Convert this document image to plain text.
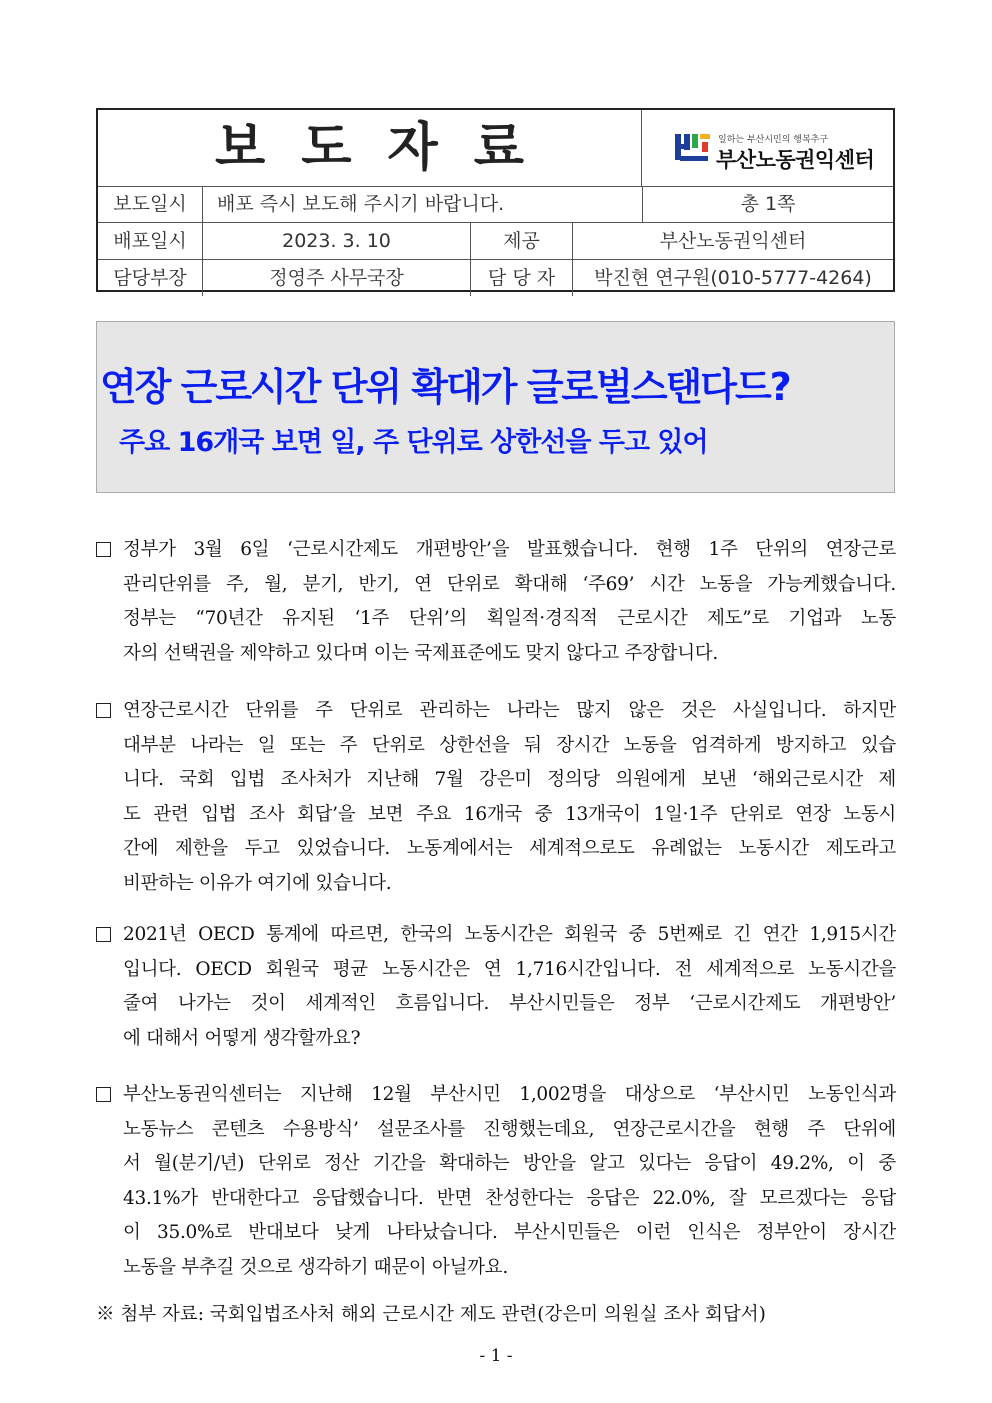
보도자료	일하는 부산시민의 행복추구
부산노동권익센터
보도일시	배포 즉시 보도해 주시기 바랍니다.	총 1쪽
배포일시	2023. 3. 10	제공	부산노동권익센터
담당부장	정영주 사무국장	담 당 자	박진현 연구원(010-5777-4264)
연장 근로시간 단위 확대가 글로벌스탠다드?
주요 16개국 보면 일, 주 단위로 상한선을 두고 있어
정부가 3월 6일 ‘근로시간제도 개편방안’을 발표했습니다. 현행 1주 단위의 연장근로
관리단위를 주, 월, 분기, 반기, 연 단위로 확대해 ‘주69’ 시간 노동을 가능케했습니다.
정부는 “70년간 유지된 ‘1주 단위’의 획일적·경직적 근로시간 제도”로 기업과 노동
자의 선택권을 제약하고 있다며 이는 국제표준에도 맞지 않다고 주장합니다.
연장근로시간 단위를 주 단위로 관리하는 나라는 많지 않은 것은 사실입니다. 하지만
대부분 나라는 일 또는 주 단위로 상한선을 둬 장시간 노동을 엄격하게 방지하고 있습
니다. 국회 입법 조사처가 지난해 7월 강은미 정의당 의원에게 보낸 ‘해외근로시간 제
도 관련 입법 조사 회답’을 보면 주요 16개국 중 13개국이 1일·1주 단위로 연장 노동시
간에 제한을 두고 있었습니다. 노동계에서는 세계적으로도 유례없는 노동시간 제도라고
비판하는 이유가 여기에 있습니다.
2021년 OECD 통계에 따르면, 한국의 노동시간은 회원국 중 5번째로 긴 연간 1,915시간
입니다. OECD 회원국 평균 노동시간은 연 1,716시간입니다. 전 세계적으로 노동시간을
줄여 나가는 것이 세계적인 흐름입니다. 부산시민들은 정부 ‘근로시간제도 개편방안’
에 대해서 어떻게 생각할까요?
부산노동권익센터는 지난해 12월 부산시민 1,002명을 대상으로 ‘부산시민 노동인식과
노동뉴스 콘텐츠 수용방식’ 설문조사를 진행했는데요, 연장근로시간을 현행 주 단위에
서 월(분기/년) 단위로 정산 기간을 확대하는 방안을 알고 있다는 응답이 49.2%, 이 중
43.1%가 반대한다고 응답했습니다. 반면 찬성한다는 응답은 22.0%, 잘 모르겠다는 응답
이 35.0%로 반대보다 낮게 나타났습니다. 부산시민들은 이런 인식은 정부안이 장시간
노동을 부추길 것으로 생각하기 때문이 아닐까요.
※ 첨부 자료: 국회입법조사처 해외 근로시간 제도 관련(강은미 의원실 조사 회답서)
- 1 -
